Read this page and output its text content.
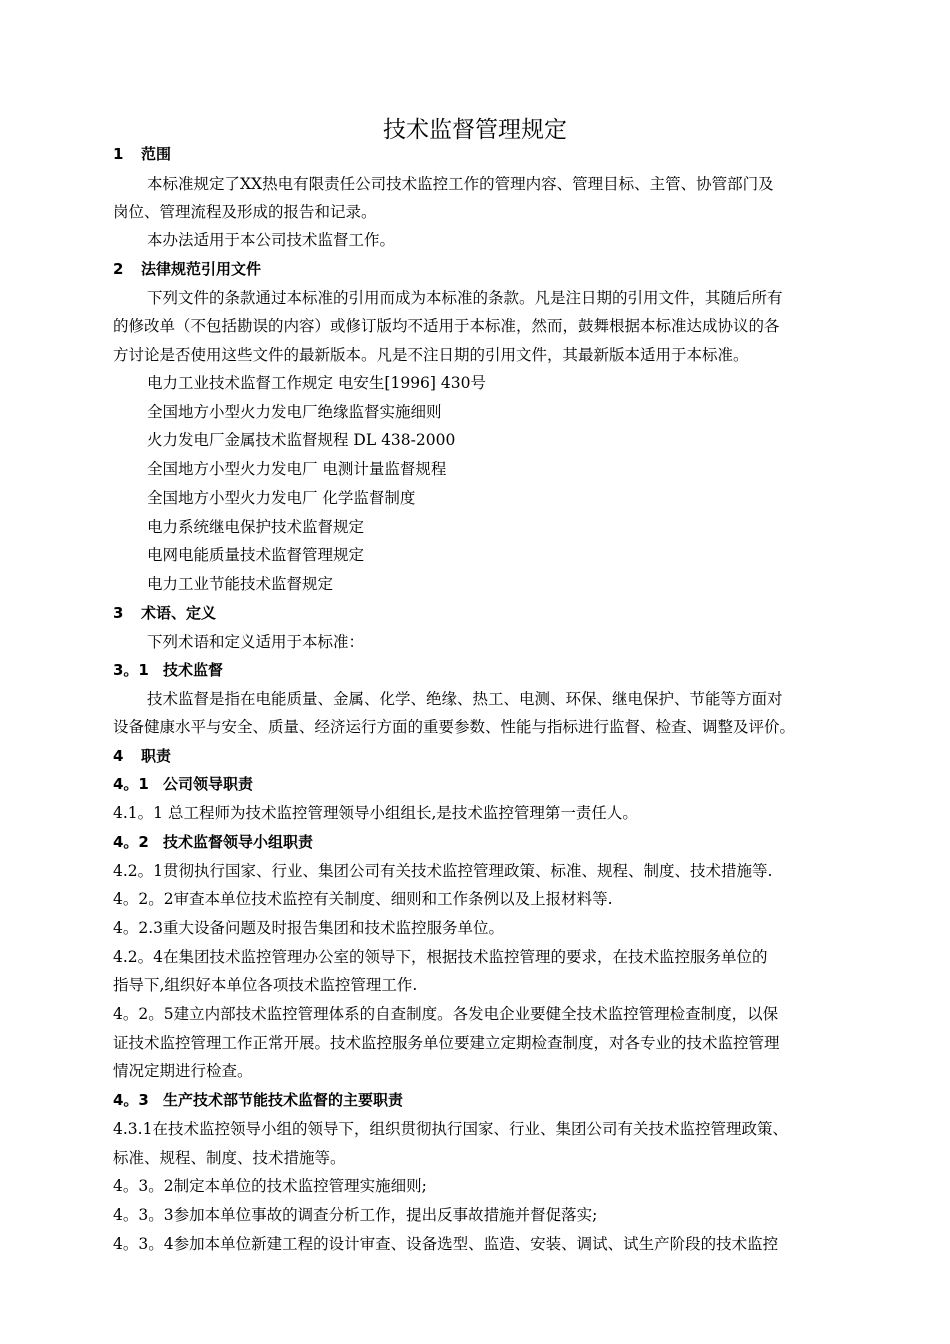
技术监督管理规定
1 范围
本标准规定了XX热电有限责任公司技术监控工作的管理内容、管理目标、主管、协管部门及
岗位、管理流程及形成的报告和记录。
本办法适用于本公司技术监督工作。
2 法律规范引用文件
下列文件的条款通过本标准的引用而成为本标准的条款。凡是注日期的引用文件，其随后所有
的修改单（不包括勘误的内容）或修订版均不适用于本标准，然而，鼓舞根据本标准达成协议的各
方讨论是否使用这些文件的最新版本。凡是不注日期的引用文件，其最新版本适用于本标准。
电力工业技术监督工作规定 电安生[1996] 430号
全国地方小型火力发电厂绝缘监督实施细则
火力发电厂金属技术监督规程 DL 438-2000
全国地方小型火力发电厂 电测计量监督规程
全国地方小型火力发电厂 化学监督制度
电力系统继电保护技术监督规定
电网电能质量技术监督管理规定
电力工业节能技术监督规定
3 术语、定义
下列术语和定义适用于本标准：
3。1 技术监督
技术监督是指在电能质量、金属、化学、绝缘、热工、电测、环保、继电保护、节能等方面对
设备健康水平与安全、质量、经济运行方面的重要参数、性能与指标进行监督、检查、调整及评价。
4 职责
4。1 公司领导职责
4.1。1 总工程师为技术监控管理领导小组组长,是技术监控管理第一责任人。
4。2 技术监督领导小组职责
4.2。1贯彻执行国家、行业、集团公司有关技术监控管理政策、标准、规程、制度、技术措施等.
4。2。2审查本单位技术监控有关制度、细则和工作条例以及上报材料等.
4。2.3重大设备问题及时报告集团和技术监控服务单位。
4.2。4在集团技术监控管理办公室的领导下，根据技术监控管理的要求，在技术监控服务单位的
指导下,组织好本单位各项技术监控管理工作.
4。2。5建立内部技术监控管理体系的自查制度。各发电企业要健全技术监控管理检查制度，以保
证技术监控管理工作正常开展。技术监控服务单位要建立定期检查制度，对各专业的技术监控管理
情况定期进行检查。
4。3 生产技术部节能技术监督的主要职责
4.3.1在技术监控领导小组的领导下，组织贯彻执行国家、行业、集团公司有关技术监控管理政策、
标准、规程、制度、技术措施等。
4。3。2制定本单位的技术监控管理实施细则;
4。3。3参加本单位事故的调查分析工作，提出反事故措施并督促落实;
4。3。4参加本单位新建工程的设计审查、设备选型、监造、安装、调试、试生产阶段的技术监控
